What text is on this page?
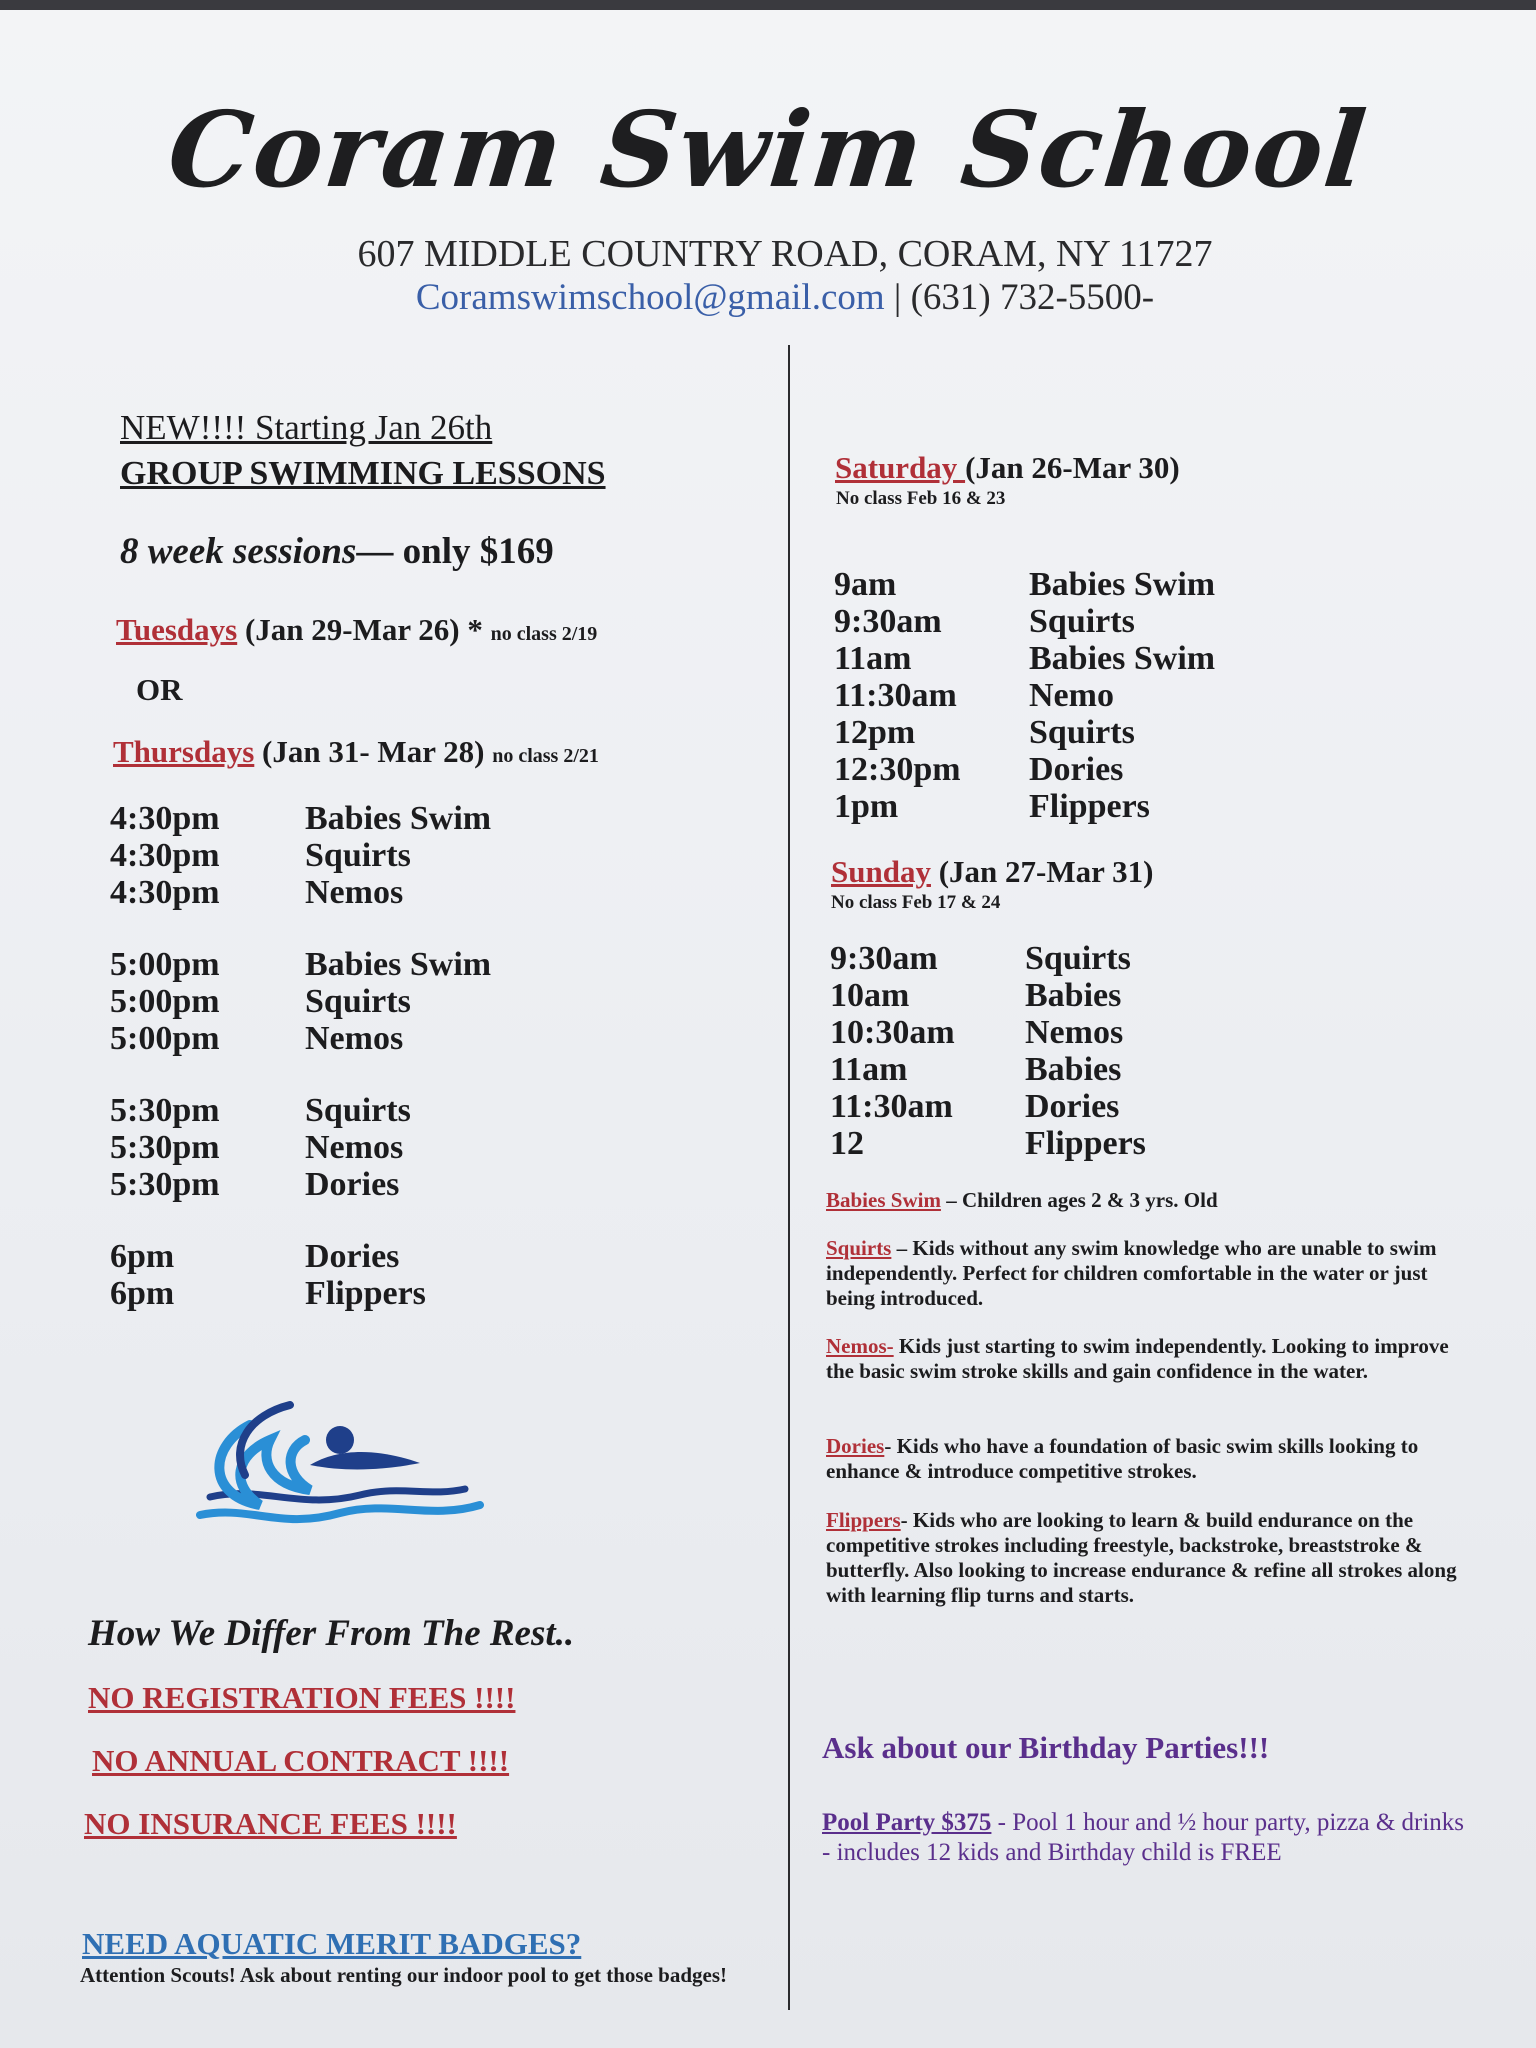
Coram Swim School
607 MIDDLE COUNTRY ROAD, CORAM, NY 11727
Coramswimschool@gmail.com | (631) 732-5500-
NEW!!!! Starting Jan 26th
GROUP SWIMMING LESSONS
8 week sessions— only $169
Tuesdays (Jan 29-Mar 26) * no class 2/19
OR
Thursdays (Jan 31- Mar 28) no class 2/21
4:30pm	Babies Swim
4:30pm	Squirts
4:30pm	Nemos
5:00pm	Babies Swim
5:00pm	Squirts
5:00pm	Nemos
5:30pm	Squirts
5:30pm	Nemos
5:30pm	Dories
6pm	Dories
6pm	Flippers
How We Differ From The Rest..
NO REGISTRATION FEES !!!!
NO ANNUAL CONTRACT !!!!
NO INSURANCE FEES !!!!
NEED AQUATIC MERIT BADGES?
Attention Scouts! Ask about renting our indoor pool to get those badges!
Saturday (Jan 26-Mar 30)
No class Feb 16 & 23
9am	Babies Swim
9:30am	Squirts
11am	Babies Swim
11:30am	Nemo
12pm	Squirts
12:30pm	Dories
1pm	Flippers
Sunday (Jan 27-Mar 31)
No class Feb 17 & 24
9:30am	Squirts
10am	Babies
10:30am	Nemos
11am	Babies
11:30am	Dories
12	Flippers
Babies Swim – Children ages 2 & 3 yrs. Old
Squirts – Kids without any swim knowledge who are unable to swim independently. Perfect for children comfortable in the water or just being introduced.
Nemos- Kids just starting to swim independently. Looking to improve the basic swim stroke skills and gain confidence in the water.
Dories- Kids who have a foundation of basic swim skills looking to enhance & introduce competitive strokes.
Flippers- Kids who are looking to learn & build endurance on the competitive strokes including freestyle, backstroke, breaststroke & butterfly. Also looking to increase endurance & refine all strokes along with learning flip turns and starts.
Ask about our Birthday Parties!!!
Pool Party $375 - Pool 1 hour and ½ hour party, pizza & drinks - includes 12 kids and Birthday child is FREE
